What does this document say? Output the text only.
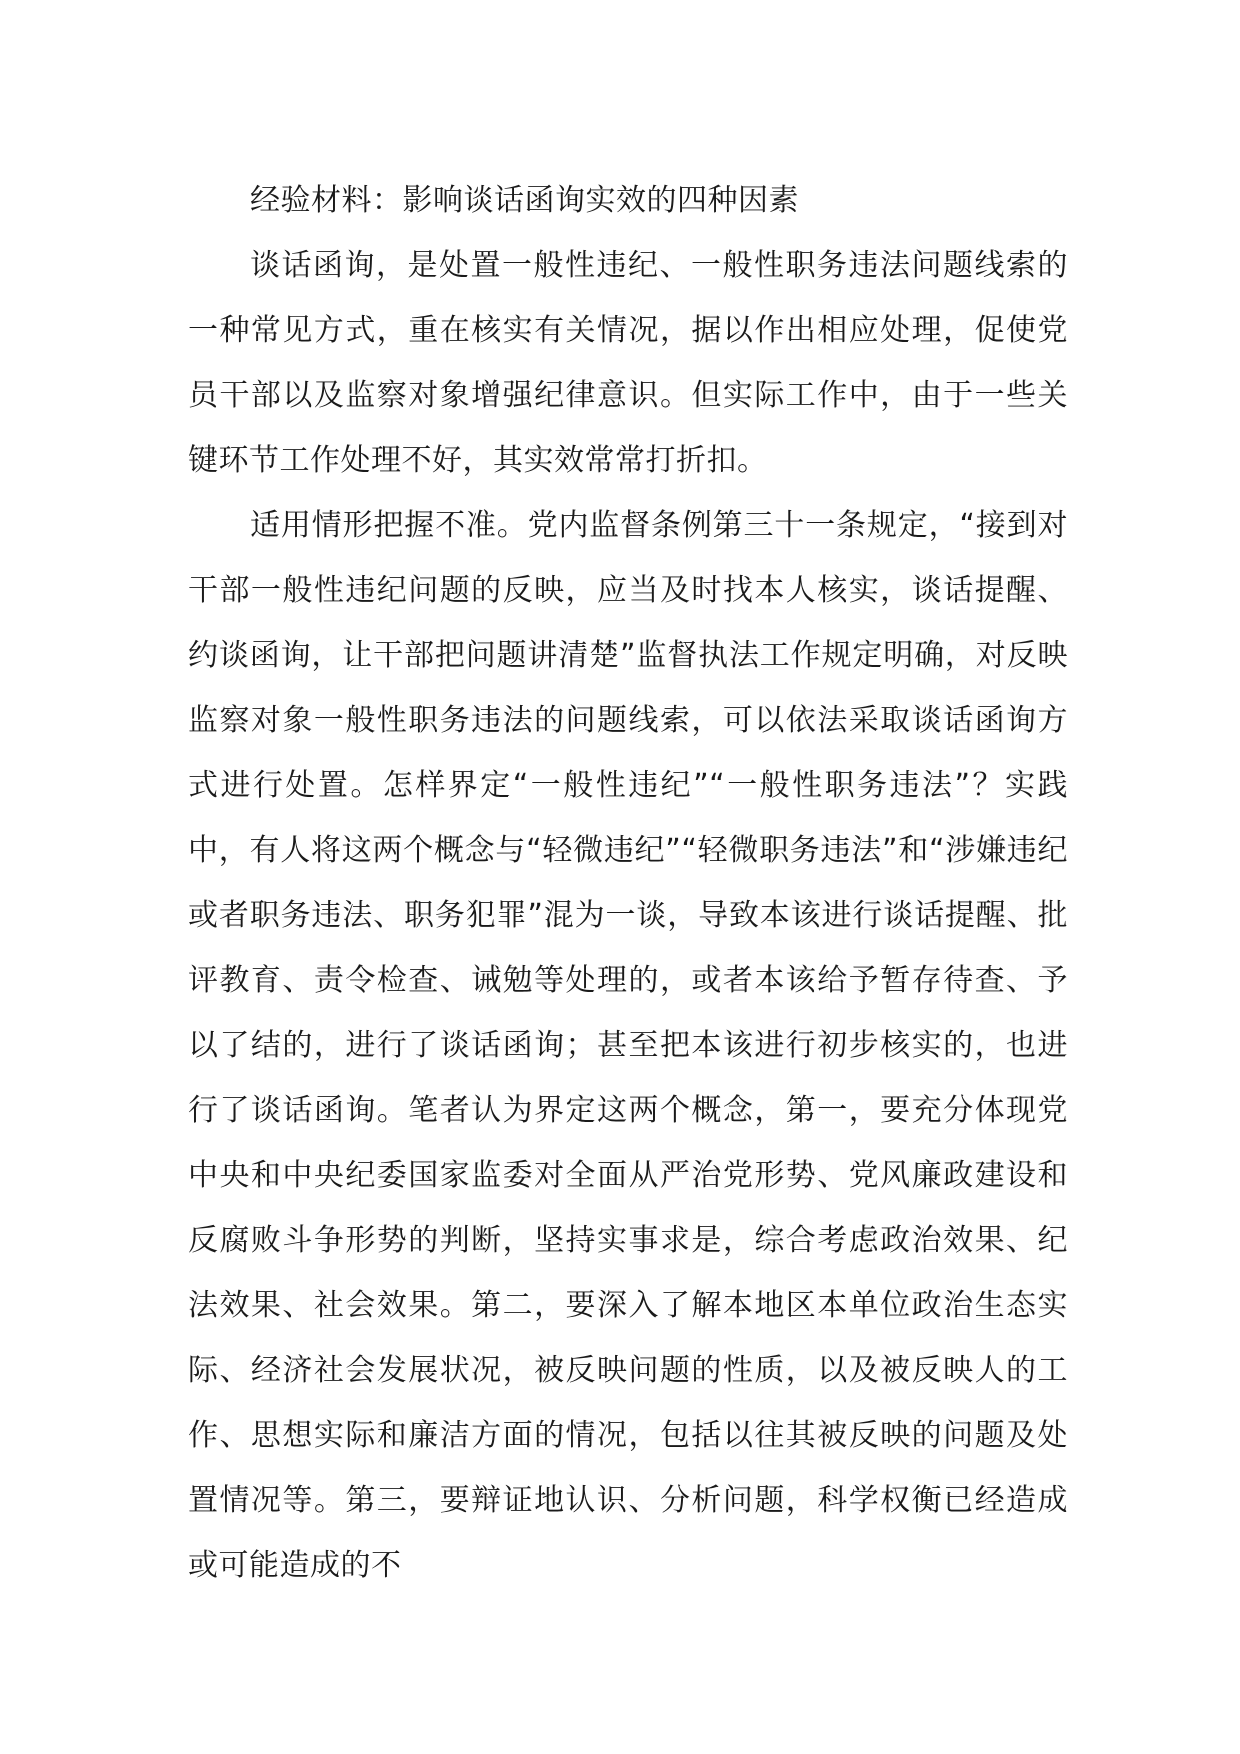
经验材料：影响谈话函询实效的四种因素

谈话函询，是处置一般性违纪、一般性职务违法问题线索的一种常见方式，重在核实有关情况，据以作出相应处理，促使党员干部以及监察对象增强纪律意识。但实际工作中，由于一些关键环节工作处理不好，其实效常常打折扣。

适用情形把握不准。党内监督条例第三十一条规定，“接到对干部一般性违纪问题的反映，应当及时找本人核实，谈话提醒、约谈函询，让干部把问题讲清楚”监督执法工作规定明确，对反映监察对象一般性职务违法的问题线索，可以依法采取谈话函询方式进行处置。怎样界定“一般性违纪”“一般性职务违法”？实践中，有人将这两个概念与“轻微违纪”“轻微职务违法”和“涉嫌违纪或者职务违法、职务犯罪”混为一谈，导致本该进行谈话提醒、批评教育、责令检查、诫勉等处理的，或者本该给予暂存待查、予以了结的，进行了谈话函询；甚至把本该进行初步核实的，也进行了谈话函询。笔者认为界定这两个概念，第一，要充分体现党中央和中央纪委国家监委对全面从严治党形势、党风廉政建设和反腐败斗争形势的判断，坚持实事求是，综合考虑政治效果、纪法效果、社会效果。第二，要深入了解本地区本单位政治生态实际、经济社会发展状况，被反映问题的性质，以及被反映人的工作、思想实际和廉洁方面的情况，包括以往其被反映的问题及处置情况等。第三，要辩证地认识、分析问题，科学权衡已经造成或可能造成的不
